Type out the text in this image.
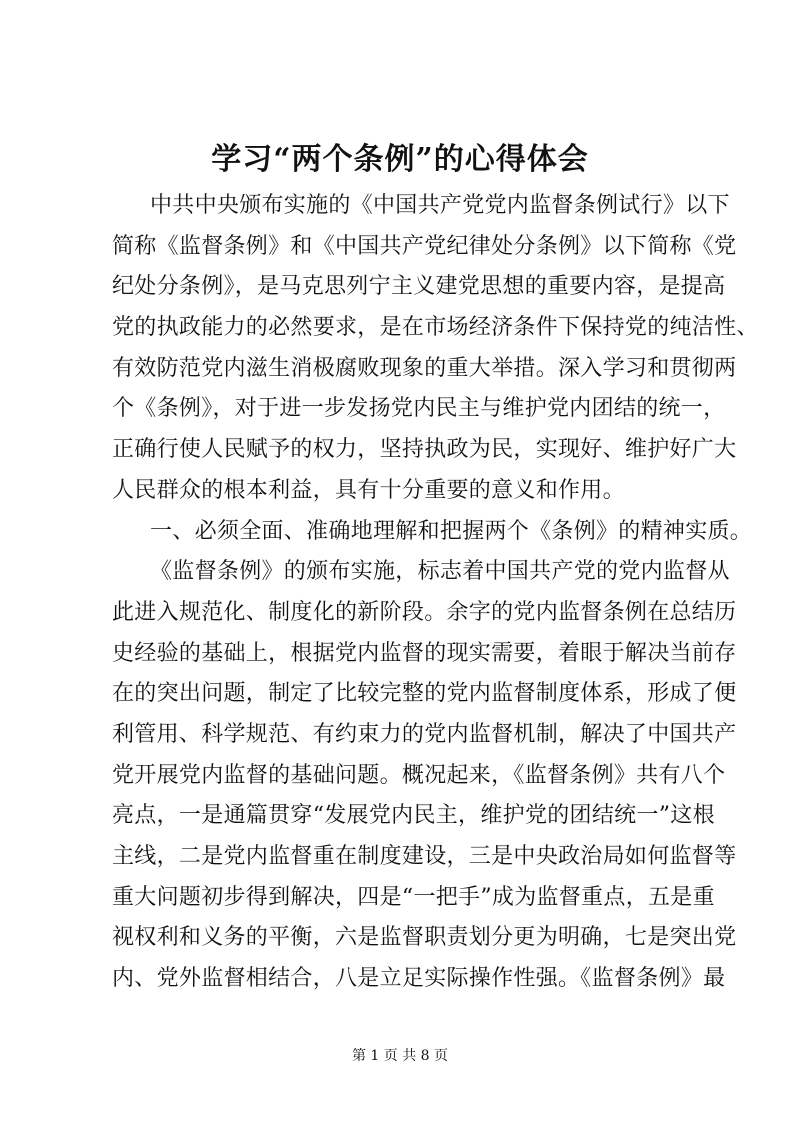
学习“两个条例”的心得体会
中共中央颁布实施的《中国共产党党内监督条例试行》以下
简称《监督条例》和《中国共产党纪律处分条例》以下简称《党
纪处分条例》，是马克思列宁主义建党思想的重要内容，是提高
党的执政能力的必然要求，是在市场经济条件下保持党的纯洁性、
有效防范党内滋生消极腐败现象的重大举措。深入学习和贯彻两
个《条例》，对于进一步发扬党内民主与维护党内团结的统一，
正确行使人民赋予的权力，坚持执政为民，实现好、维护好广大
人民群众的根本利益，具有十分重要的意义和作用。
一、必须全面、准确地理解和把握两个《条例》的精神实质。
《监督条例》的颁布实施，标志着中国共产党的党内监督从
此进入规范化、制度化的新阶段。余字的党内监督条例在总结历
史经验的基础上，根据党内监督的现实需要，着眼于解决当前存
在的突出问题，制定了比较完整的党内监督制度体系，形成了便
利管用、科学规范、有约束力的党内监督机制，解决了中国共产
党开展党内监督的基础问题。概况起来，《监督条例》共有八个
亮点，一是通篇贯穿“发展党内民主，维护党的团结统一”这根
主线，二是党内监督重在制度建设，三是中央政治局如何监督等
重大问题初步得到解决，四是“一把手”成为监督重点，五是重
视权利和义务的平衡，六是监督职责划分更为明确，七是突出党
内、党外监督相结合，八是立足实际操作性强。《监督条例》最
第 1 页 共 8 页
